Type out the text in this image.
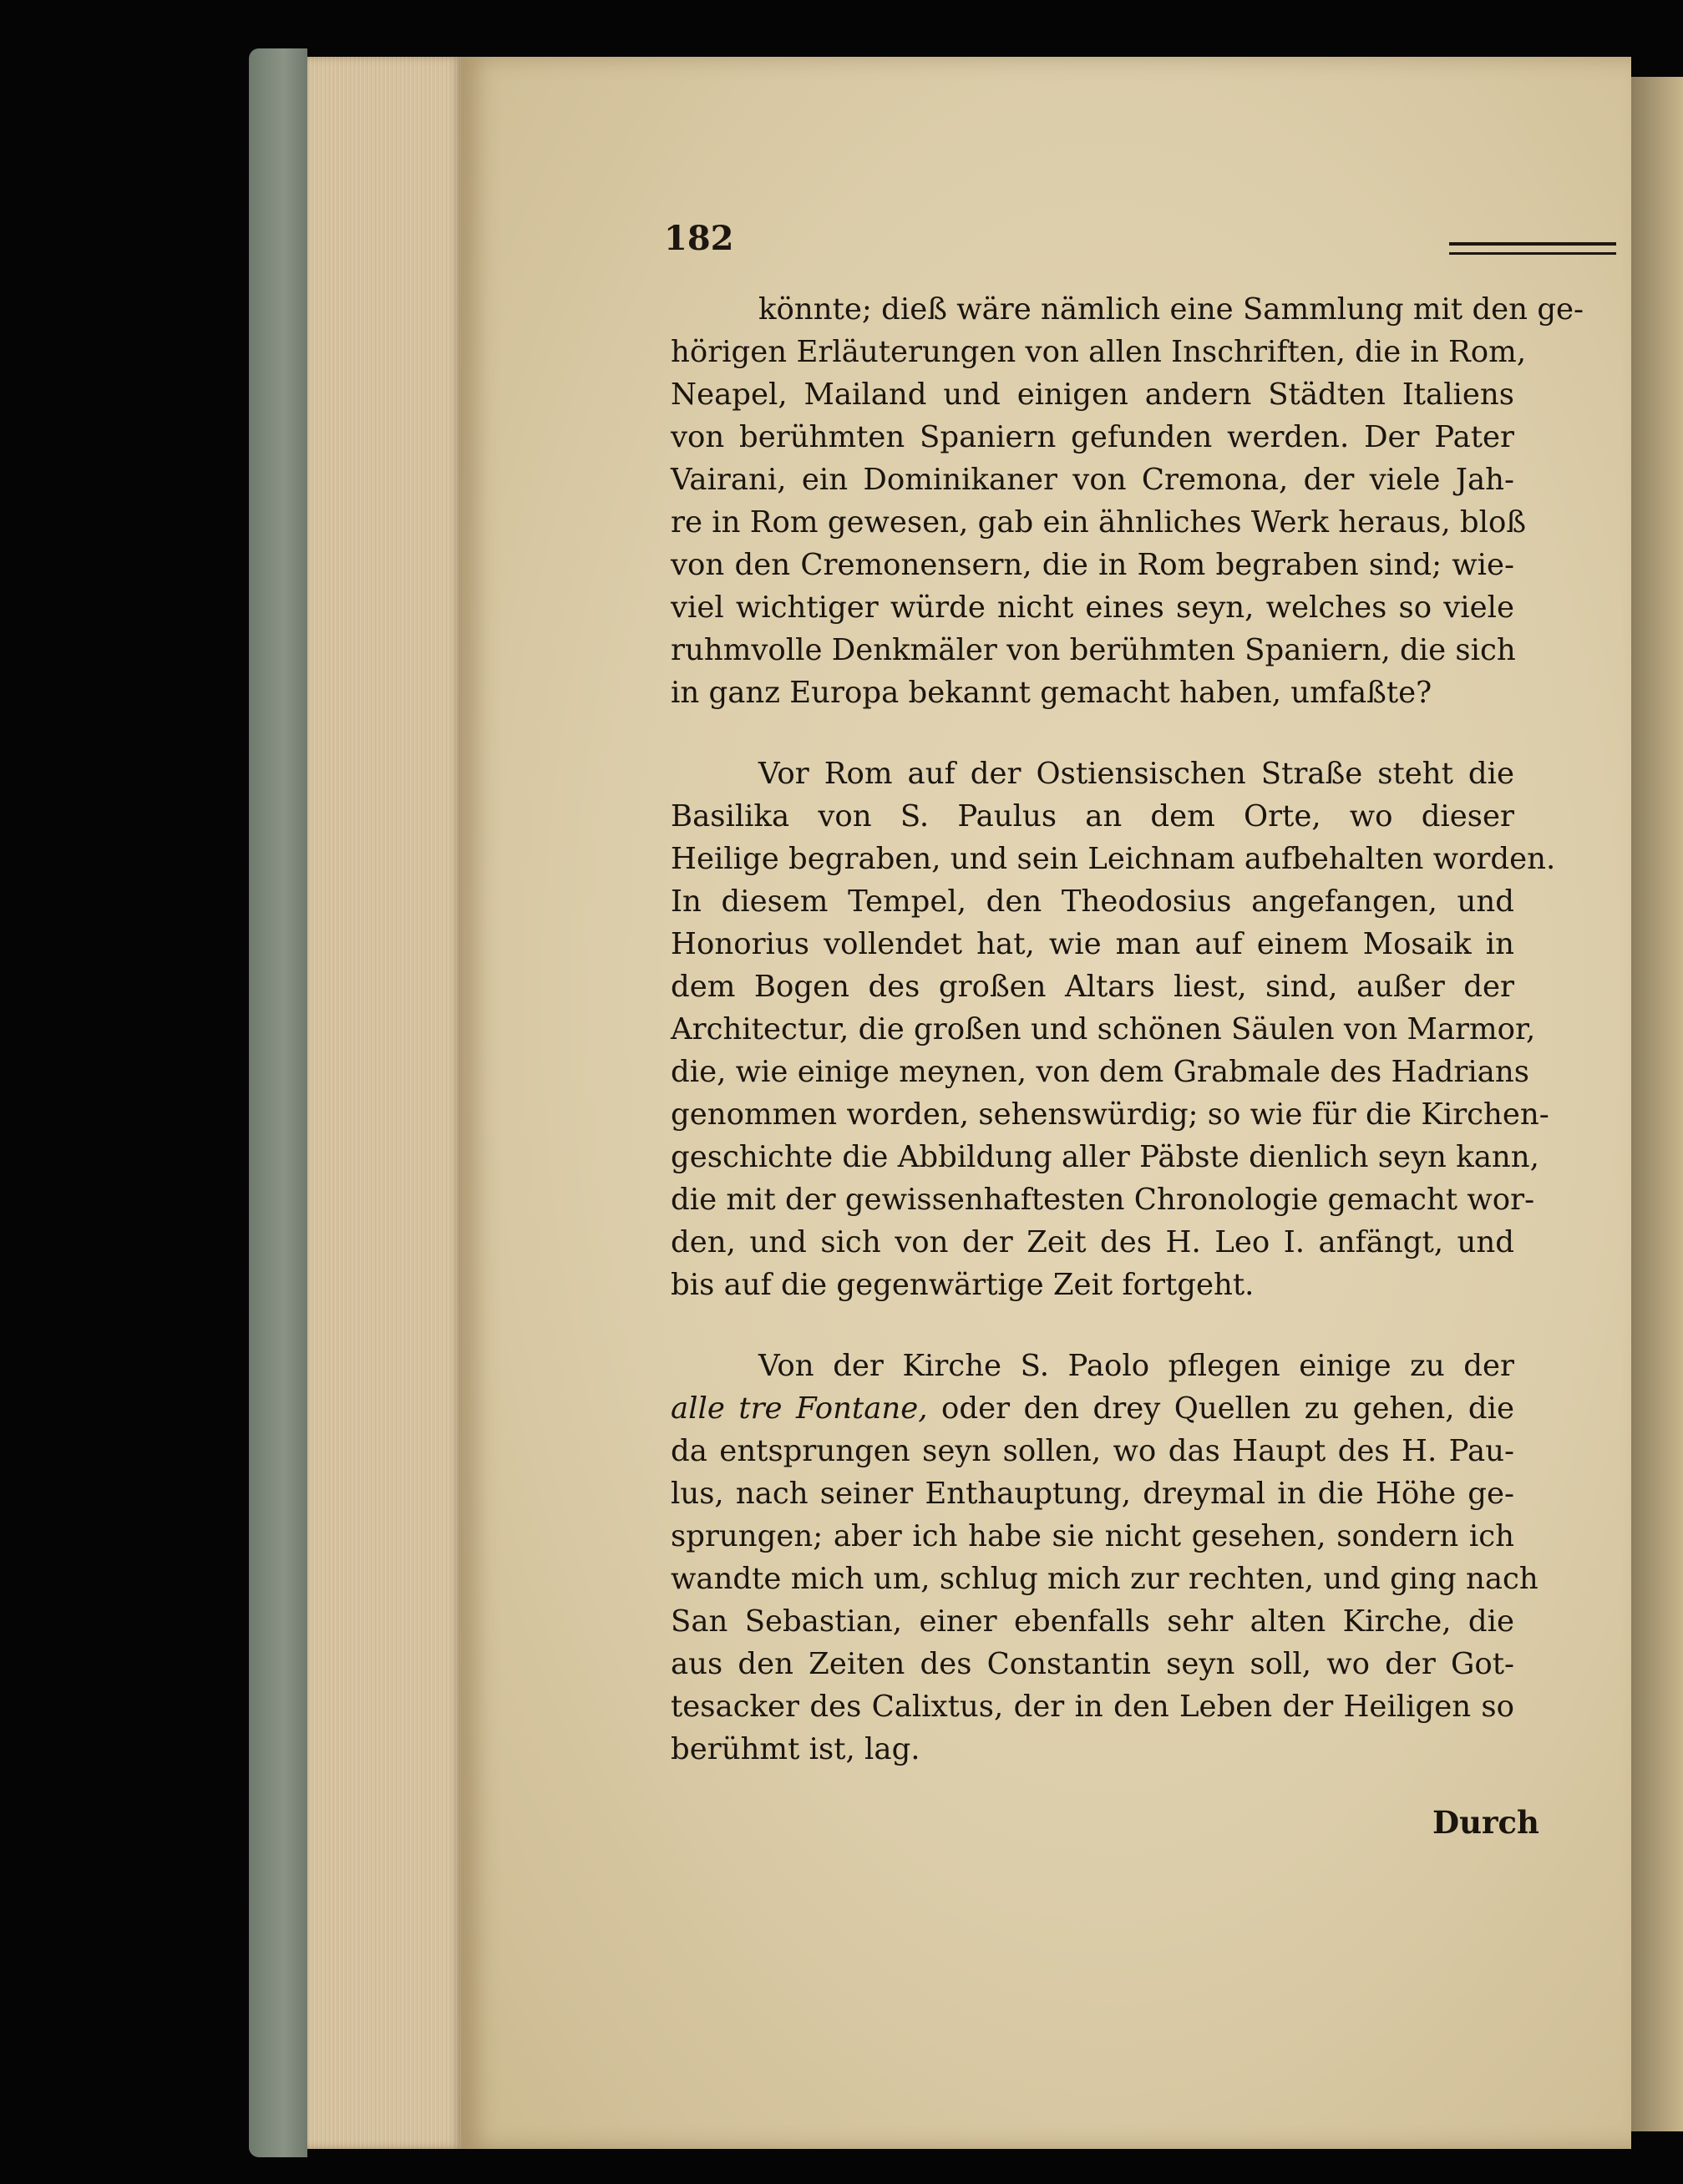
182
könnte; dieß wäre nämlich eine Sammlung mit den ge-
hörigen Erläuterungen von allen Inschriften, die in Rom,
Neapel, Mailand und einigen andern Städten Italiens
von berühmten Spaniern gefunden werden. Der Pater
Vairani, ein Dominikaner von Cremona, der viele Jah-
re in Rom gewesen, gab ein ähnliches Werk heraus, bloß
von den Cremonensern, die in Rom begraben sind; wie-
viel wichtiger würde nicht eines seyn, welches so viele
ruhmvolle Denkmäler von berühmten Spaniern, die sich
in ganz Europa bekannt gemacht haben, umfaßte?
Vor Rom auf der Ostiensischen Straße steht die
Basilika von S. Paulus an dem Orte, wo dieser
Heilige begraben, und sein Leichnam aufbehalten worden.
In diesem Tempel, den Theodosius angefangen, und
Honorius vollendet hat, wie man auf einem Mosaik in
dem Bogen des großen Altars liest, sind, außer der
Architectur, die großen und schönen Säulen von Marmor,
die, wie einige meynen, von dem Grabmale des Hadrians
genommen worden, sehenswürdig; so wie für die Kirchen-
geschichte die Abbildung aller Päbste dienlich seyn kann,
die mit der gewissenhaftesten Chronologie gemacht wor-
den, und sich von der Zeit des H. Leo I. anfängt, und
bis auf die gegenwärtige Zeit fortgeht.
Von der Kirche S. Paolo pflegen einige zu der
alle tre Fontane, oder den drey Quellen zu gehen, die
da entsprungen seyn sollen, wo das Haupt des H. Pau-
lus, nach seiner Enthauptung, dreymal in die Höhe ge-
sprungen; aber ich habe sie nicht gesehen, sondern ich
wandte mich um, schlug mich zur rechten, und ging nach
San Sebastian, einer ebenfalls sehr alten Kirche, die
aus den Zeiten des Constantin seyn soll, wo der Got-
tesacker des Calixtus, der in den Leben der Heiligen so
berühmt ist, lag.
Durch
